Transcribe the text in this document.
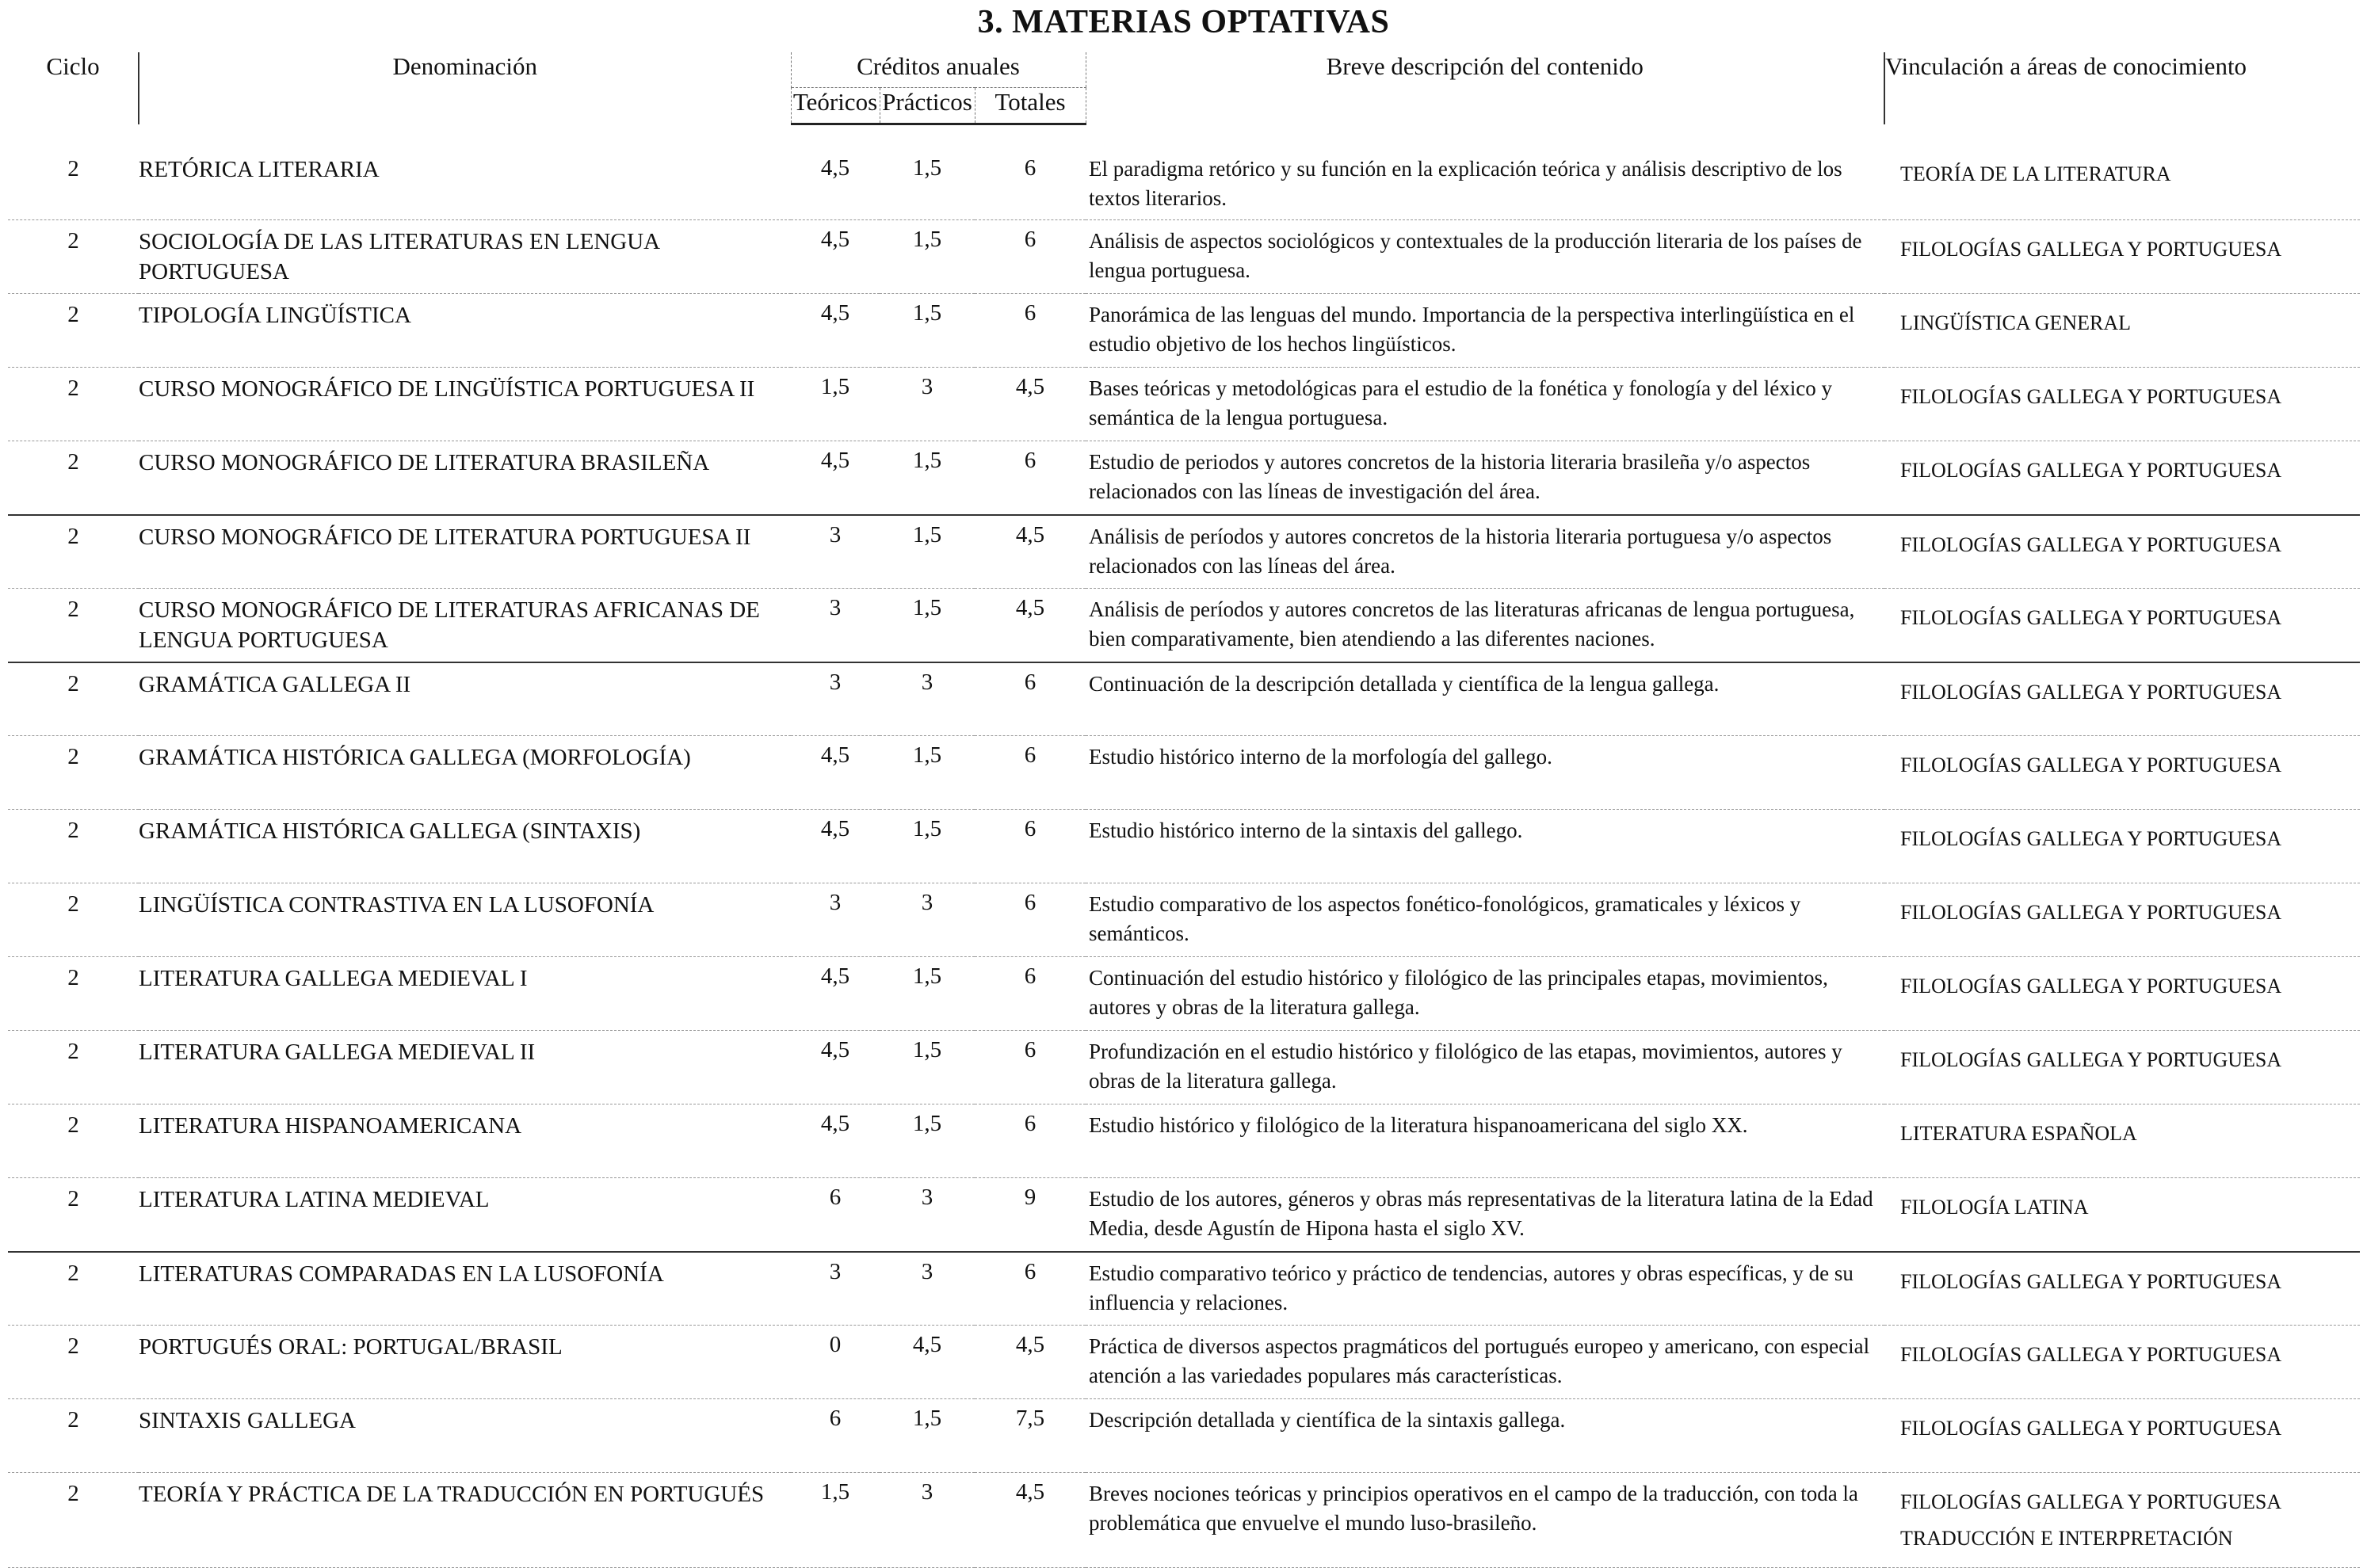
3. MATERIAS OPTATIVAS
Ciclo	Denominación	Créditos anuales			Breve descripción del contenido	Vinculación a áreas de conocimiento
		Teóricos	Prácticos	Totales		
2	RETÓRICA LITERARIA	4,5	1,5	6	El paradigma retórico y su función en la explicación teórica y análisis descriptivo de los textos literarios.	TEORÍA DE LA LITERATURA

2	SOCIOLOGÍA DE LAS LITERATURAS EN LENGUA PORTUGUESA	4,5	1,5	6	Análisis de aspectos sociológicos y contextuales de la producción literaria de los países de lengua portuguesa.	FILOLOGÍAS GALLEGA Y PORTUGUESA

2	TIPOLOGÍA LINGÜÍSTICA	4,5	1,5	6	Panorámica de las lenguas del mundo. Importancia de la perspectiva interlingüística en el estudio objetivo de los hechos lingüísticos.	LINGÜÍSTICA GENERAL

2	CURSO MONOGRÁFICO DE LINGÜÍSTICA PORTUGUESA II	1,5	3	4,5	Bases teóricas y metodológicas para el estudio de la fonética y fonología y del léxico y semántica de la lengua portuguesa.	FILOLOGÍAS GALLEGA Y PORTUGUESA

2	CURSO MONOGRÁFICO DE LITERATURA BRASILEÑA	4,5	1,5	6	Estudio de periodos y autores concretos de la historia literaria brasileña y/o aspectos relacionados con las líneas de investigación del área.	FILOLOGÍAS GALLEGA Y PORTUGUESA

2	CURSO MONOGRÁFICO DE LITERATURA PORTUGUESA II	3	1,5	4,5	Análisis de períodos y autores concretos de la historia literaria portuguesa y/o aspectos relacionados con las líneas del área.	FILOLOGÍAS GALLEGA Y PORTUGUESA

2	CURSO MONOGRÁFICO DE LITERATURAS AFRICANAS DE LENGUA PORTUGUESA	3	1,5	4,5	Análisis de períodos y autores concretos de las literaturas africanas de lengua portuguesa, bien comparativamente, bien atendiendo a las diferentes naciones.	FILOLOGÍAS GALLEGA Y PORTUGUESA

2	GRAMÁTICA GALLEGA II	3	3	6	Continuación de la descripción detallada y científica de la lengua gallega.	FILOLOGÍAS GALLEGA Y PORTUGUESA

2	GRAMÁTICA HISTÓRICA GALLEGA (MORFOLOGÍA)	4,5	1,5	6	Estudio histórico interno de la morfología del gallego.	FILOLOGÍAS GALLEGA Y PORTUGUESA

2	GRAMÁTICA HISTÓRICA GALLEGA (SINTAXIS)	4,5	1,5	6	Estudio histórico interno de la sintaxis del gallego.	FILOLOGÍAS GALLEGA Y PORTUGUESA

2	LINGÜÍSTICA CONTRASTIVA EN LA LUSOFONÍA	3	3	6	Estudio comparativo de los aspectos fonético-fonológicos, gramaticales y léxicos y semánticos.	FILOLOGÍAS GALLEGA Y PORTUGUESA

2	LITERATURA GALLEGA MEDIEVAL I	4,5	1,5	6	Continuación del estudio histórico y filológico de las principales etapas, movimientos, autores y obras de la literatura gallega.	FILOLOGÍAS GALLEGA Y PORTUGUESA

2	LITERATURA GALLEGA MEDIEVAL II	4,5	1,5	6	Profundización en el estudio histórico y filológico de las etapas, movimientos, autores y obras de la literatura gallega.	FILOLOGÍAS GALLEGA Y PORTUGUESA

2	LITERATURA HISPANOAMERICANA	4,5	1,5	6	Estudio histórico y filológico de la literatura hispanoamericana del siglo XX.	LITERATURA ESPAÑOLA

2	LITERATURA LATINA MEDIEVAL	6	3	9	Estudio de los autores, géneros y obras más representativas de la literatura latina de la Edad Media, desde Agustín de Hipona hasta el siglo XV.	FILOLOGÍA LATINA

2	LITERATURAS COMPARADAS EN LA LUSOFONÍA	3	3	6	Estudio comparativo teórico y práctico de tendencias, autores y obras específicas, y de su influencia y relaciones.	FILOLOGÍAS GALLEGA Y PORTUGUESA

2	PORTUGUÉS ORAL: PORTUGAL/BRASIL	0	4,5	4,5	Práctica de diversos aspectos pragmáticos del portugués europeo y americano, con especial atención a las variedades populares más características.	FILOLOGÍAS GALLEGA Y PORTUGUESA

2	SINTAXIS GALLEGA	6	1,5	7,5	Descripción detallada y científica de la sintaxis gallega.	FILOLOGÍAS GALLEGA Y PORTUGUESA

2	TEORÍA Y PRÁCTICA DE LA TRADUCCIÓN EN PORTUGUÉS	1,5	3	4,5	Breves nociones teóricas y principios operativos en el campo de la traducción, con toda la problemática que envuelve el mundo luso-brasileño.	FILOLOGÍAS GALLEGA Y PORTUGUESA
TRADUCCIÓN E INTERPRETACIÓN
